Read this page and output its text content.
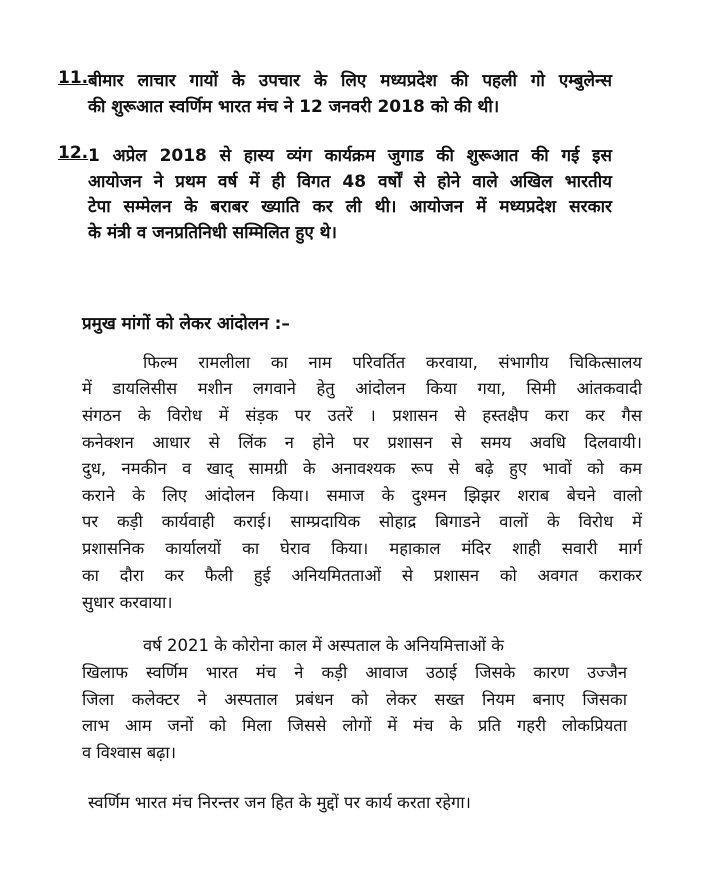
11. बीमार लाचार गायों के उपचार के लिए मध्यप्रदेश की पहली गो एम्बुलेन्स
की शुरूआत स्वर्णिम भारत मंच ने 12 जनवरी 2018 को की थी।
12. 1 अप्रेल 2018 से हास्य व्यंग कार्यक्रम जुगाड की शुरूआत की गई इस
आयोजन ने प्रथम वर्ष में ही विगत 48 वर्षों से होने वाले अखिल भारतीय
टेपा सम्मेलन के बराबर ख्याति कर ली थी। आयोजन में मध्यप्रदेश सरकार
के मंत्री व जनप्रतिनिधी सम्मिलित हुए थे।
प्रमुख मांगों को लेकर आंदोलन :–
फिल्म रामलीला का नाम परिवर्तित करवाया, संभागीय चिकित्सालय
में डायलिसीस मशीन लगवाने हेतु आंदोलन किया गया, सिमी आंतकवादी
संगठन के विरोध में संड़क पर उतरें । प्रशासन से हस्तक्षैप करा कर गैस
कनेक्शन आधार से लिंक न होने पर प्रशासन से समय अवधि दिलवायी।
दुध, नमकीन व खाद् सामग्री के अनावश्यक रूप से बढ़े हुए भावों को कम
कराने के लिए आंदोलन किया। समाज के दुश्मन झिझर शराब बेचने वालो
पर कड़ी कार्यवाही कराई। साम्प्रदायिक सोहाद्र बिगाडने वालों के विरोध में
प्रशासनिक कार्यालयों का घेराव किया। महाकाल मंदिर शाही सवारी मार्ग
का दौरा कर फैली हुई अनियमितताओं से प्रशासन को अवगत कराकर
सुधार करवाया।
वर्ष 2021 के कोरोना काल में अस्पताल के अनियमित्ताओं के
खिलाफ स्वर्णिम भारत मंच ने कड़ी आवाज उठाई जिसके कारण उज्जैन
जिला कलेक्टर ने अस्पताल प्रबंधन को लेकर सख्त नियम बनाए जिसका
लाभ आम जनों को मिला जिससे लोगों में मंच के प्रति गहरी लोकप्रियता
व विश्वास बढ़ा।
स्वर्णिम भारत मंच निरन्तर जन हित के मुद्दों पर कार्य करता रहेगा।
